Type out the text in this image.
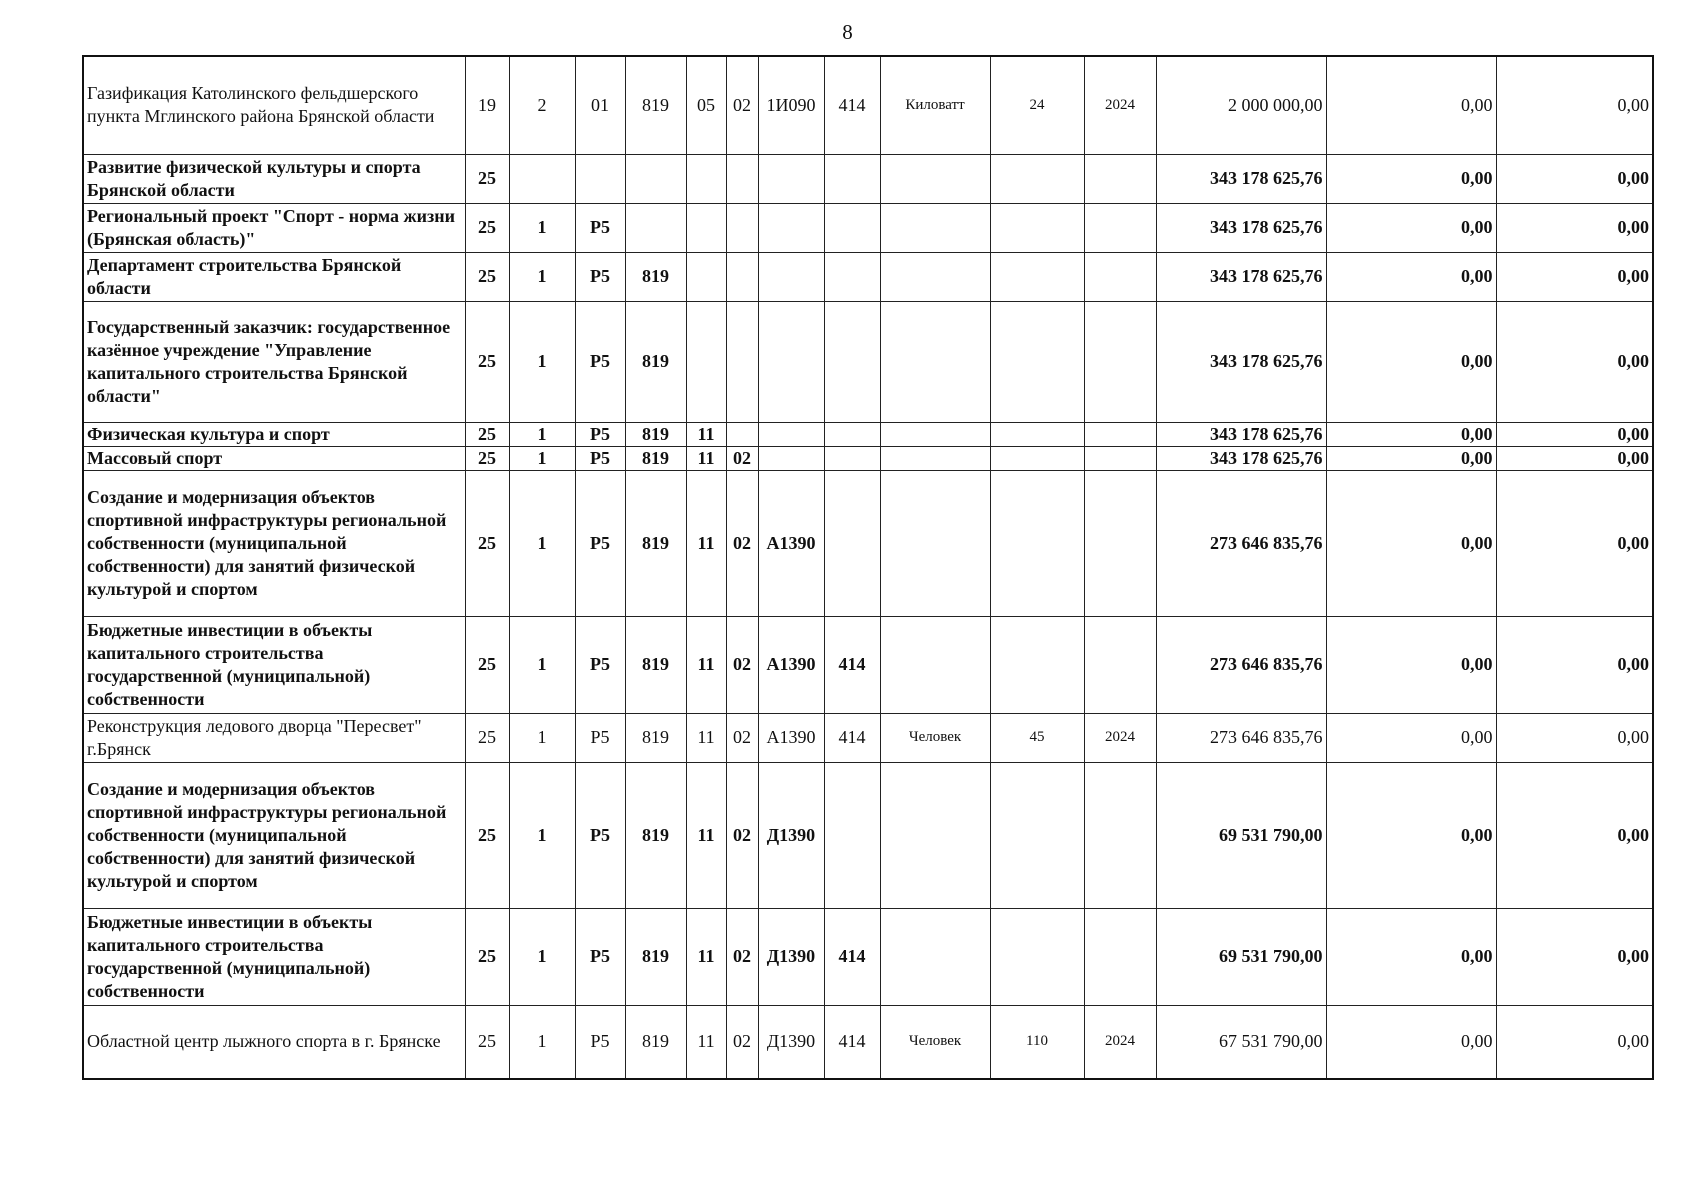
8
Газификация Католинского фельдшерского пункта Мглинского района Брянской области	19	2	01	819	05	02	1И090	414	Киловатт	24	2024	2 000 000,00	0,00	0,00
Развитие физической культуры и спорта Брянской области	25											343 178 625,76	0,00	0,00
Региональный проект "Спорт - норма жизни (Брянская область)"	25	1	P5									343 178 625,76	0,00	0,00
Департамент строительства Брянской области	25	1	P5	819								343 178 625,76	0,00	0,00
Государственный заказчик: государственное казённое учреждение "Управление капитального строительства Брянской области"	25	1	P5	819								343 178 625,76	0,00	0,00
Физическая культура и спорт	25	1	P5	819	11							343 178 625,76	0,00	0,00
Массовый спорт	25	1	P5	819	11	02						343 178 625,76	0,00	0,00
Создание и модернизация объектов спортивной инфраструктуры региональной собственности (муниципальной собственности) для занятий физической культурой и спортом	25	1	P5	819	11	02	A1390					273 646 835,76	0,00	0,00
Бюджетные инвестиции в объекты капитального строительства государственной (муниципальной) собственности	25	1	P5	819	11	02	A1390	414				273 646 835,76	0,00	0,00
Реконструкция ледового дворца "Пересвет" г.Брянск	25	1	P5	819	11	02	A1390	414	Человек	45	2024	273 646 835,76	0,00	0,00
Создание и модернизация объектов спортивной инфраструктуры региональной собственности (муниципальной собственности) для занятий физической культурой и спортом	25	1	P5	819	11	02	Д1390					69 531 790,00	0,00	0,00
Бюджетные инвестиции в объекты капитального строительства государственной (муниципальной) собственности	25	1	P5	819	11	02	Д1390	414				69 531 790,00	0,00	0,00
Областной центр лыжного спорта в г. Брянске	25	1	P5	819	11	02	Д1390	414	Человек	110	2024	67 531 790,00	0,00	0,00
